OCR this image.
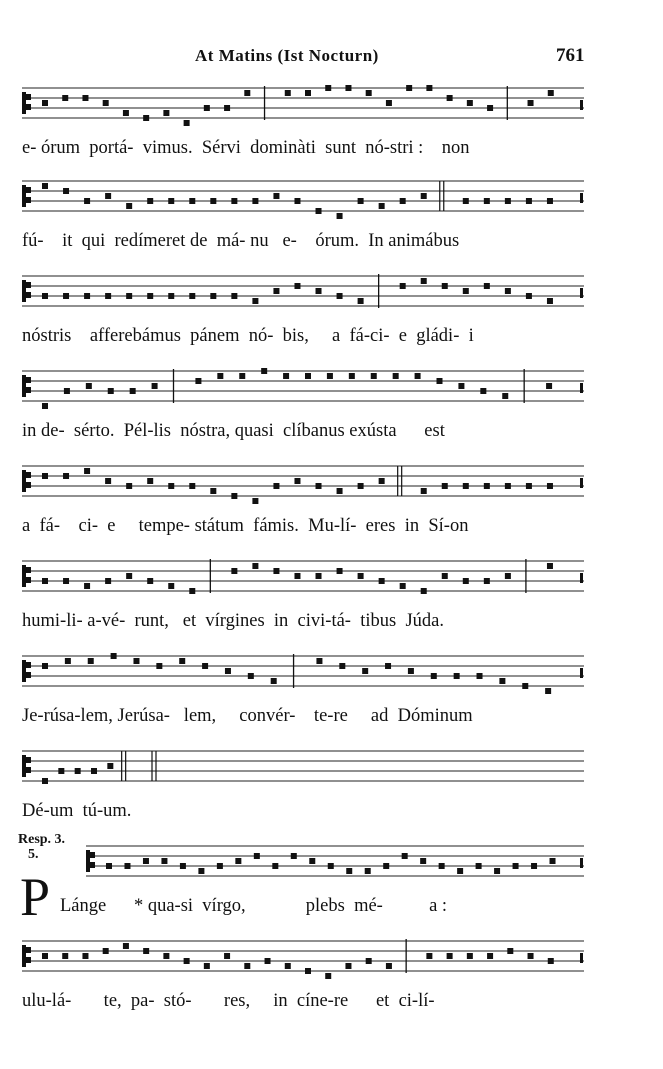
At Matins (Ist Nocturn)	761
e- órum  portá-  vimus.  Sérvi  dominàti  sunt  nó-stri :    non
fú-    it  qui  redímeret de  má- nu   e-    órum.  In animábus
nóstris    afferebámus  pánem  nó-  bis,     a  fá-ci-  e  gládi-  i
in de-  sérto.  Pél-lis  nóstra, quasi  clíbanus exústa      est
a  fá-    ci-  e     tempe- státum  fámis.  Mu-lí-  eres  in  Sí-on
humi-li- a-vé-  runt,   et  vírgines  in  civi-tá-  tibus  Júda.
Je-rúsa-lem, Jerúsa-   lem,     convér-    te-re     ad  Dóminum
Dé-um  tú-um.
Resp. 3.
5.
P Lánge      * qua-si  vírgo,             plebs  mé-          a :
ulu-lá-       te,  pa-  stó-       res,     in  cíne-re      et  ci-lí-
